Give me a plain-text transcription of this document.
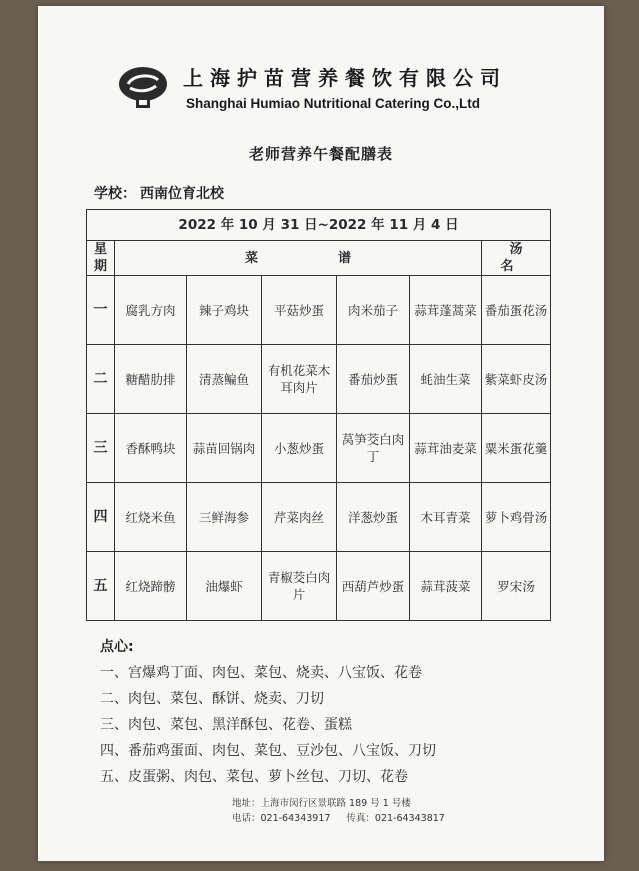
上海护苗营养餐饮有限公司
Shanghai Humiao Nutritional Catering Co.,Ltd
老师营养午餐配膳表
学校： 西南位育北校
2022 年 10 月 31 日~2022 年 11 月 4 日						
星期	菜谱					汤名
一	腐乳方肉	辣子鸡块	平菇炒蛋	肉米茄子	蒜茸蓬蒿菜	番茄蛋花汤
二	糖醋肋排	清蒸鳊鱼	有机花菜木耳肉片	番茄炒蛋	蚝油生菜	紫菜虾皮汤
三	香酥鸭块	蒜苗回锅肉	小葱炒蛋	莴笋茭白肉丁	蒜茸油麦菜	粟米蛋花羹
四	红烧米鱼	三鲜海参	芹菜肉丝	洋葱炒蛋	木耳青菜	萝卜鸡骨汤
五	红烧蹄髈	油爆虾	青椒茭白肉片	西葫芦炒蛋	蒜茸菠菜	罗宋汤
点心:
一、宫爆鸡丁面、肉包、菜包、烧卖、八宝饭、花卷
二、肉包、菜包、酥饼、烧卖、刀切
三、肉包、菜包、黑洋酥包、花卷、蛋糕
四、番茄鸡蛋面、肉包、菜包、豆沙包、八宝饭、刀切
五、皮蛋粥、肉包、菜包、萝卜丝包、刀切、花卷
地址：上海市闵行区景联路 189 号 1 号楼
电话：021-64343917 传真：021-64343817
